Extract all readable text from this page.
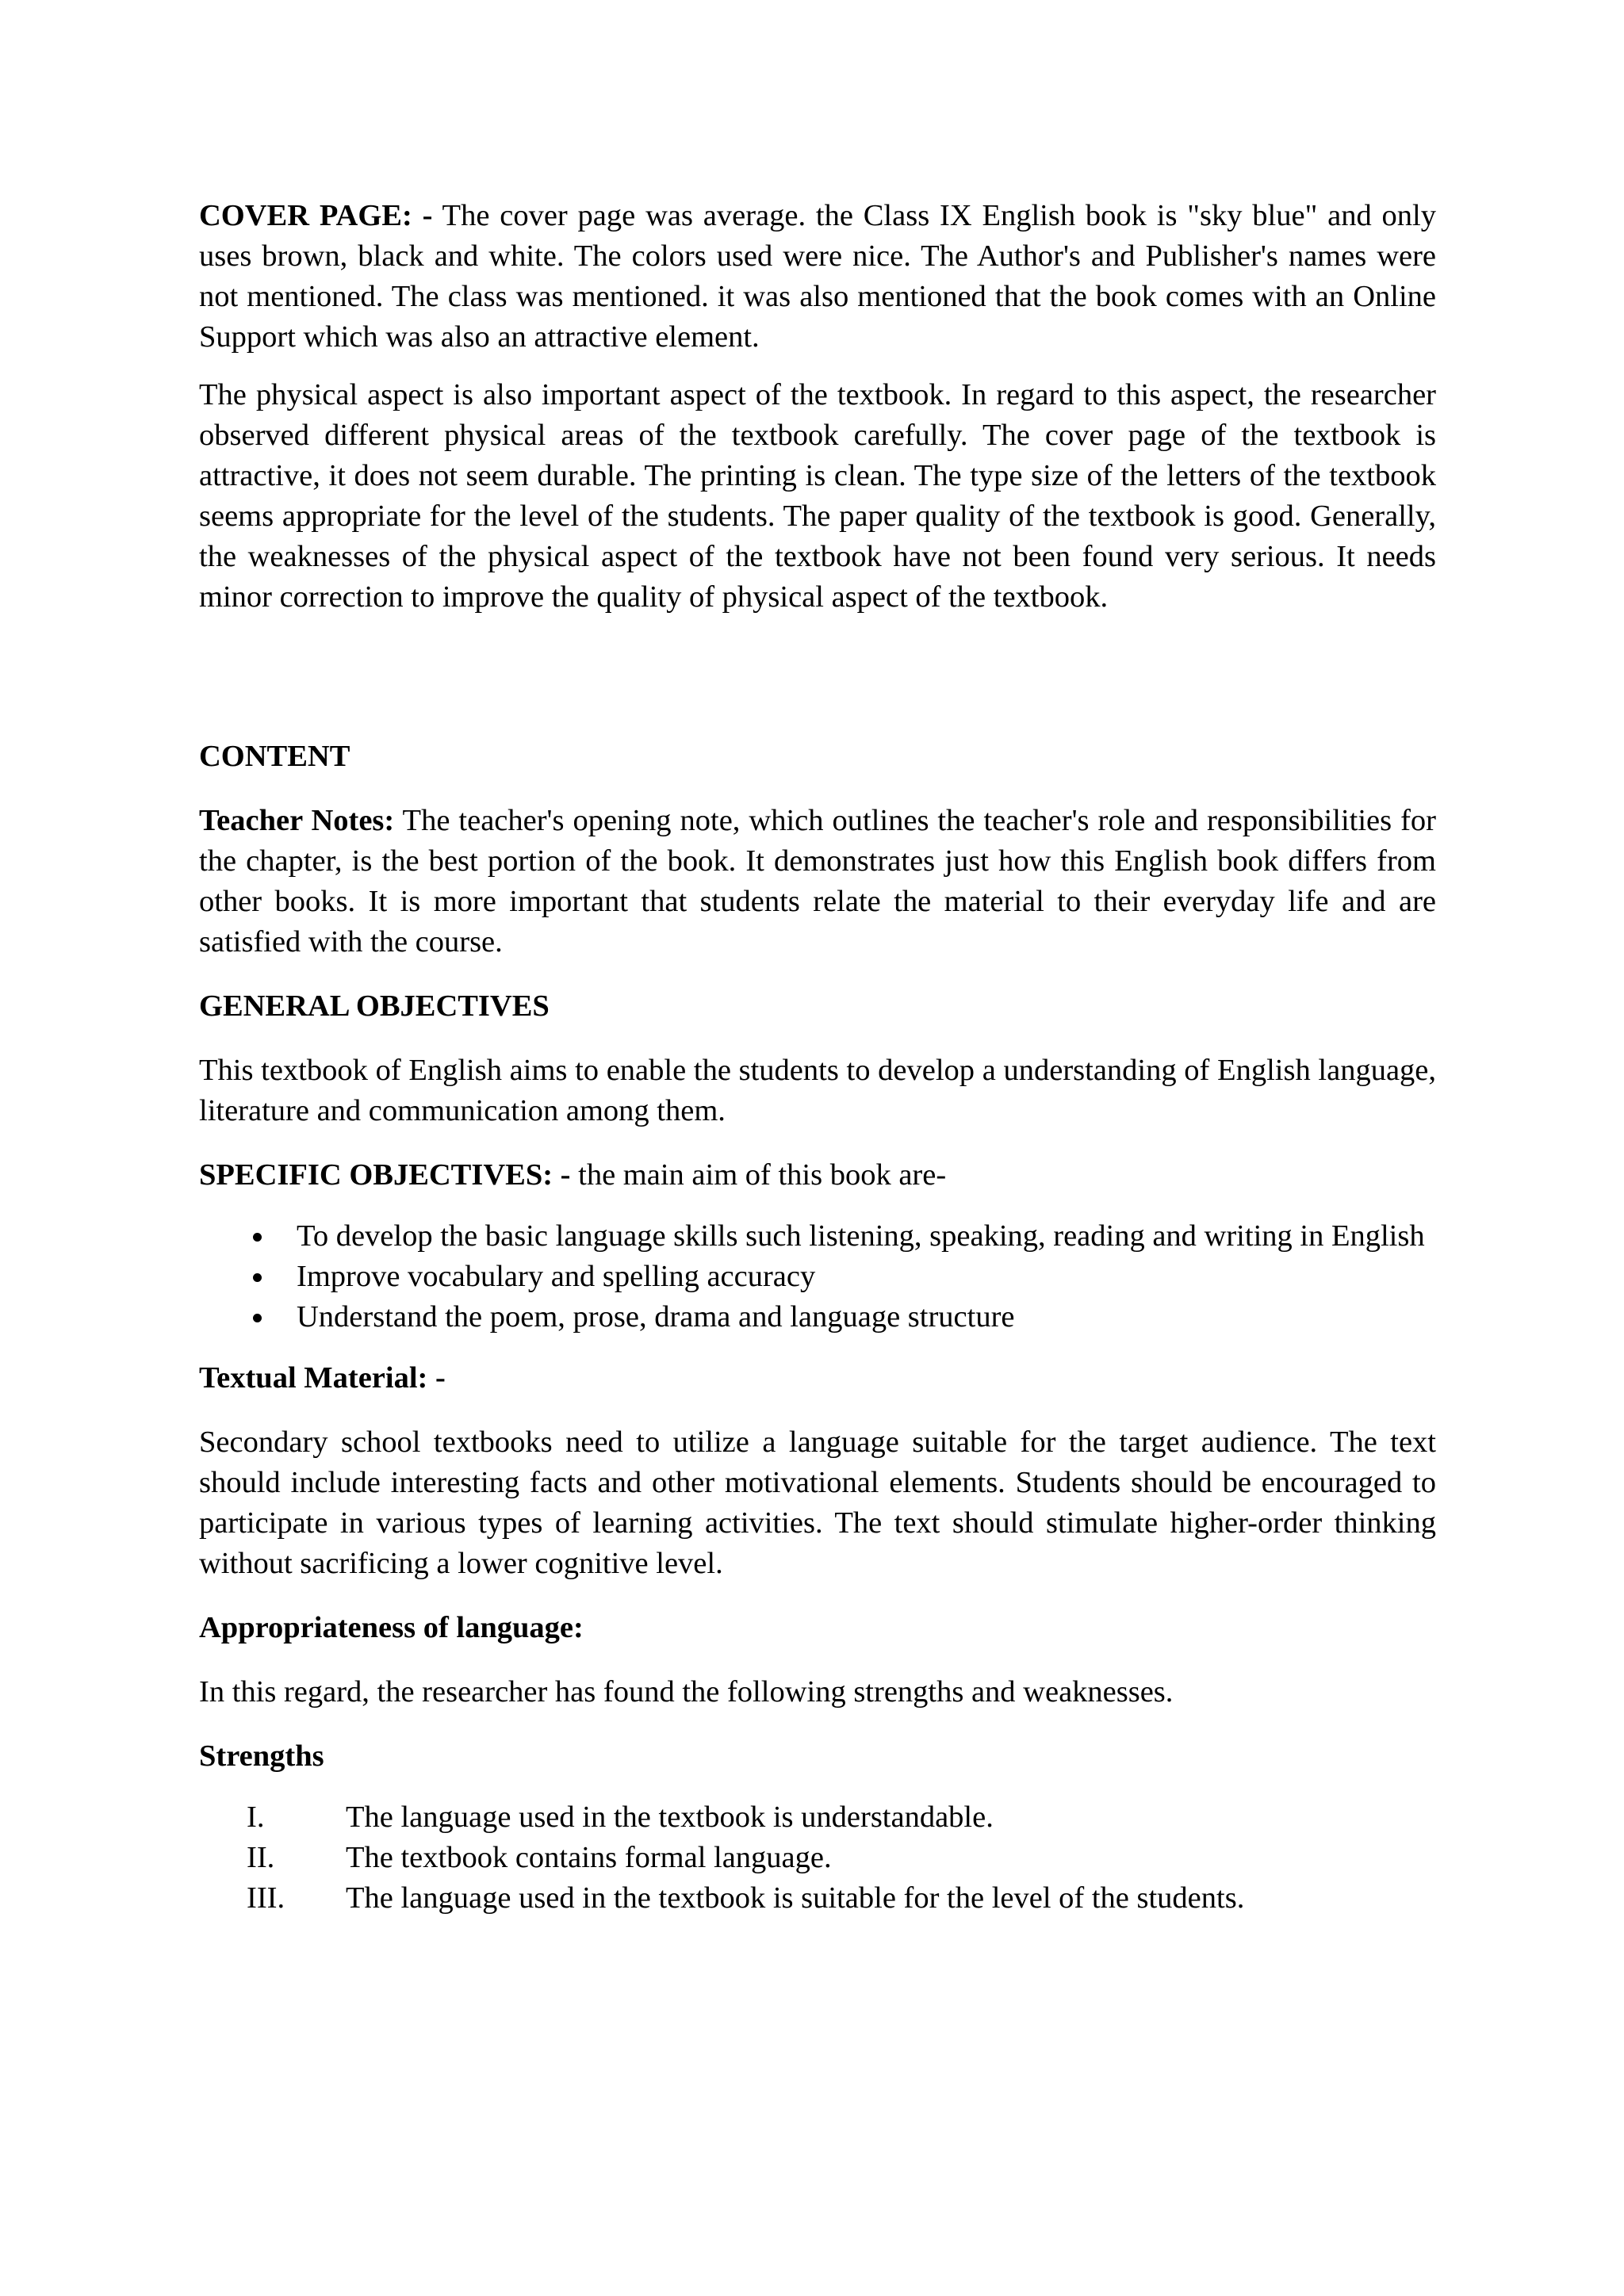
COVER PAGE: - The cover page was average. the Class IX English book is "sky blue" and only uses brown, black and white. The colors used were nice. The Author's and Publisher's names were not mentioned. The class was mentioned. it was also mentioned that the book comes with an Online Support which was also an attractive element.

The physical aspect is also important aspect of the textbook. In regard to this aspect, the researcher observed different physical areas of the textbook carefully. The cover page of the textbook is attractive, it does not seem durable. The printing is clean. The type size of the letters of the textbook seems appropriate for the level of the students. The paper quality of the textbook is good. Generally, the weaknesses of the physical aspect of the textbook have not been found very serious. It needs minor correction to improve the quality of physical aspect of the textbook.

CONTENT

Teacher Notes: The teacher's opening note, which outlines the teacher's role and responsibilities for the chapter, is the best portion of the book. It demonstrates just how this English book differs from other books. It is more important that students relate the material to their everyday life and are satisfied with the course.

GENERAL OBJECTIVES

This textbook of English aims to enable the students to develop a understanding of English language, literature and communication among them.

SPECIFIC OBJECTIVES: - the main aim of this book are-

To develop the basic language skills such listening, speaking, reading and writing in English
Improve vocabulary and spelling accuracy
Understand the poem, prose, drama and language structure

Textual Material: -

Secondary school textbooks need to utilize a language suitable for the target audience. The text should include interesting facts and other motivational elements. Students should be encouraged to participate in various types of learning activities. The text should stimulate higher-order thinking without sacrificing a lower cognitive level.

Appropriateness of language:

In this regard, the researcher has found the following strengths and weaknesses.

Strengths

I.	The language used in the textbook is understandable.
II. The textbook contains formal language.
III. The language used in the textbook is suitable for the level of the students.
